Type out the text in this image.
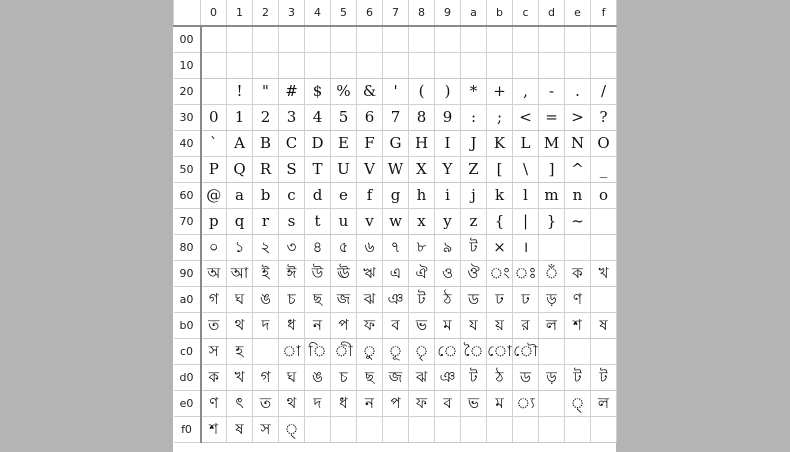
	0	1	2	3	4	5	6	7	8	9	a	b	c	d	e	f
00																
10																
20		!	"	#	$	%	&	'	(	)	*	+	,	-	.	/
30	0	1	2	3	4	5	6	7	8	9	:	;	<	=	>	?
40	`	A	B	C	D	E	F	G	H	I	J	K	L	M	N	O
50	P	Q	R	S	T	U	V	W	X	Y	Z	[	\	]	^	_
60	@	a	b	c	d	e	f	g	h	i	j	k	l	m	n	o
70	p	q	r	s	t	u	v	w	x	y	z	{	|	}	~	
80	০	১	২	৩	৪	৫	৬	৭	৮	৯	ট	×	।			
90	অ	আ	ই	ঈ	উ	ঊ	ঋ	এ	ঐ	ও	ঔ	ং	ঃ	ঁ	ক	খ
a0	গ	ঘ	ঙ	চ	ছ	জ	ঝ	ঞ	ট	ঠ	ড	ঢ	ঢ	ড়	ণ	
b0	ত	থ	দ	ধ	ন	প	ফ	ব	ভ	ম	য	য়	র	ল	শ	ষ
c0	স	হ		া	ি	ী	ু	ূ	ৃ	ে	ৈ	ো	ৌ			
d0	ক	খ	গ	ঘ	ঙ	চ	ছ	জ	ঝ	ঞ	ট	ঠ	ড	ড়	ট	ট
e0	ণ	ৎ	ত	থ	দ	ধ	ন	প	ফ	ব	ভ	ম	্য		্	ল
f0	শ	ষ	স	্												
